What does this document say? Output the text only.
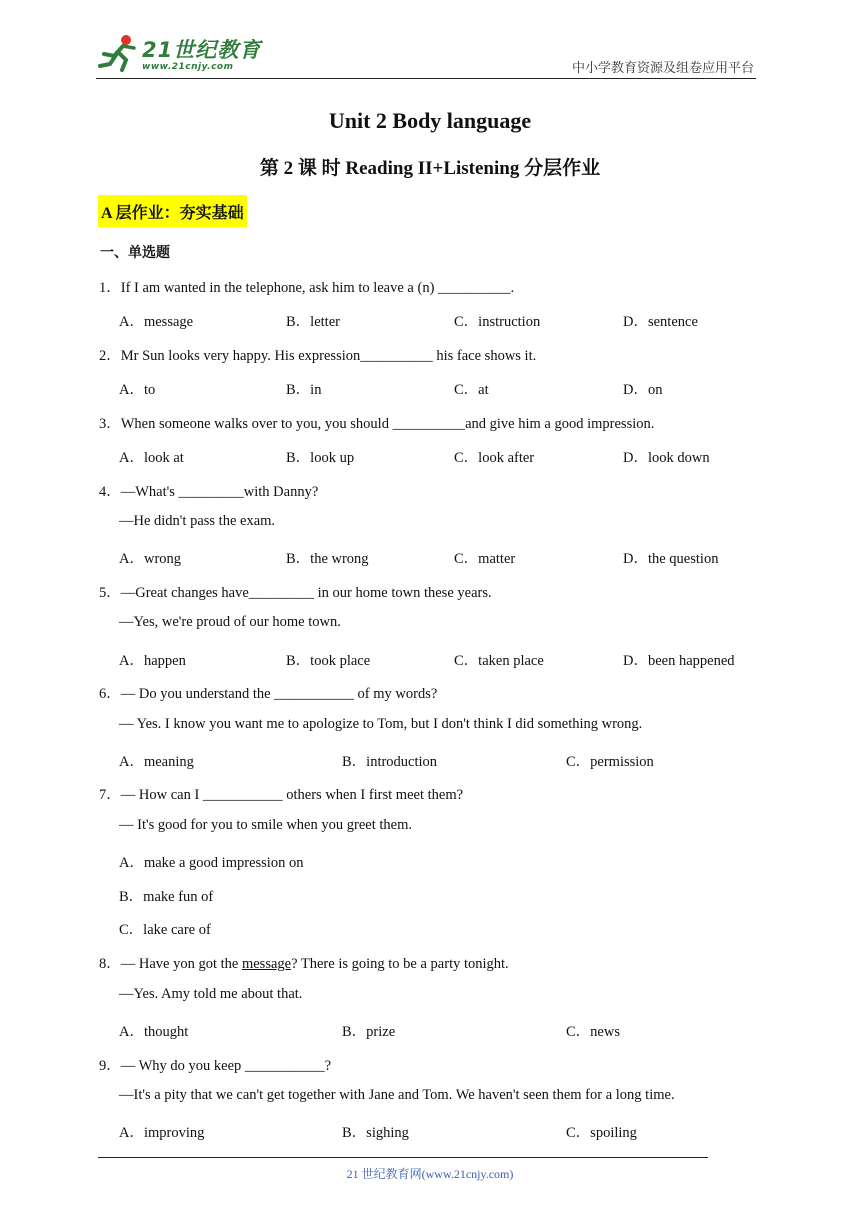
21世纪教育
www.21cnjy.com	中小学教育资源及组卷应用平台
Unit 2 Body language
第 2 课 时 Reading II+Listening 分层作业
A 层作业：夯实基础
一、单选题
1．If I am wanted in the telephone, ask him to leave a (n) __________.
A．message	B．letter	C．instruction	D．sentence
2．Mr Sun looks very happy. His expression__________ his face shows it.
A．to	B．in	C．at	D．on
3．When someone walks over to you, you should __________and give him a good impression.
A．look at	B．look up	C．look after	D．look down
4．—What's _________with Danny?
—He didn't pass the exam.
A．wrong	B．the wrong	C．matter	D．the question
5．—Great changes have_________ in our home town these years.
—Yes, we're proud of our home town.
A．happen	B．took place	C．taken place	D．been happened
6．— Do you understand the ___________ of my words?
— Yes. I know you want me to apologize to Tom, but I don't think I did something wrong.
A．meaning	B．introduction	C．permission
7．— How can I ___________ others when I first meet them?
— It's good for you to smile when you greet them.
A．make a good impression on
B．make fun of
C．lake care of
8．— Have yon got the message? There is going to be a party tonight.
—Yes. Amy told me about that.
A．thought	B．prize	C．news
9．— Why do you keep ___________?
—It's a pity that we can't get together with Jane and Tom. We haven't seen them for a long time.
A．improving	B．sighing	C．spoiling
21 世纪教育网(www.21cnjy.com)
